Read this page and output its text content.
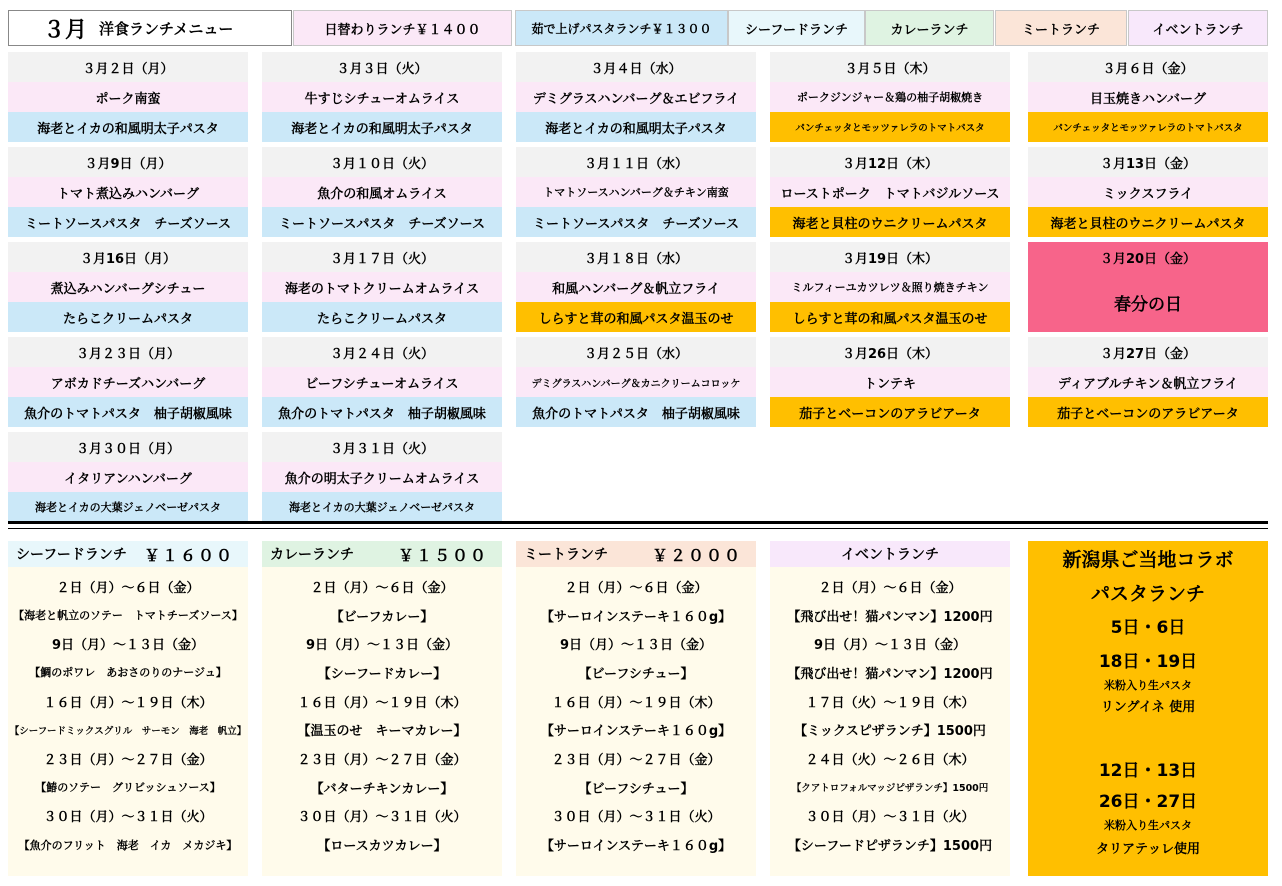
３月 洋食ランチメニュー	日替わりランチ￥１４００	茹で上げパスタランチ￥１３００	シーフードランチ	カレーランチ	ミートランチ	イベントランチ
３月２日（月）
ポーク南蛮
海老とイカの和風明太子パスタ
３月３日（火）
牛すじシチューオムライス
海老とイカの和風明太子パスタ
３月４日（水）
デミグラスハンバーグ＆エビフライ
海老とイカの和風明太子パスタ
３月５日（木）
ポークジンジャー＆鶏の柚子胡椒焼き
パンチェッタとモッツァレラのトマトパスタ
３月６日（金）
目玉焼きハンバーグ
パンチェッタとモッツァレラのトマトパスタ
３月9日（月）
トマト煮込みハンバーグ
ミートソースパスタ　チーズソース
３月１０日（火）
魚介の和風オムライス
ミートソースパスタ　チーズソース
３月１１日（水）
トマトソースハンバーグ＆チキン南蛮
ミートソースパスタ　チーズソース
３月12日（木）
ローストポーク　トマトバジルソース
海老と貝柱のウニクリームパスタ
３月13日（金）
ミックスフライ
海老と貝柱のウニクリームパスタ
３月16日（月）
煮込みハンバーグシチュー
たらこクリームパスタ
３月１７日（火）
海老のトマトクリームオムライス
たらこクリームパスタ
３月１８日（水）
和風ハンバーグ＆帆立フライ
しらすと茸の和風パスタ温玉のせ
３月19日（木）
ミルフィーユカツレツ＆照り焼きチキン
しらすと茸の和風パスタ温玉のせ
３月20日（金）
春分の日
３月２３日（月）
アボカドチーズハンバーグ
魚介のトマトパスタ　柚子胡椒風味
３月２４日（火）
ビーフシチューオムライス
魚介のトマトパスタ　柚子胡椒風味
３月２５日（水）
デミグラスハンバーグ＆カニクリームコロッケ
魚介のトマトパスタ　柚子胡椒風味
３月26日（木）
トンテキ
茄子とベーコンのアラビアータ
３月27日（金）
ディアブルチキン＆帆立フライ
茄子とベーコンのアラビアータ
３月３０日（月）
イタリアンハンバーグ
海老とイカの大葉ジェノベーゼパスタ
３月３１日（火）
魚介の明太子クリームオムライス
海老とイカの大葉ジェノベーゼパスタ
シーフードランチ ￥１６００
２日（月）～６日（金）
【海老と帆立のソテー　トマトチーズソース】
9日（月）～１３日（金）
【鯛のポワレ　あおさのりのナージュ】
１６日（月）～１９日（木）
【シーフードミックスグリル　サーモン　海老　帆立】
２３日（月）～２７日（金）
【鰆のソテー　グリビッシュソース】
３０日（月）～３１日（火）
【魚介のフリット　海老　イカ　メカジキ】
カレーランチ	￥１５００
２日（月）～６日（金）
【ビーフカレー】
9日（月）～１３日（金）
【シーフードカレー】
１６日（月）～１９日（木）
【温玉のせ　キーマカレー】
２３日（月）～２７日（金）
【バターチキンカレー】
３０日（月）～３１日（火）
【ロースカツカレー】
ミートランチ	￥２０００
２日（月）～６日（金）
【サーロインステーキ１６０g】
9日（月）～１３日（金）
【ビーフシチュー】
１６日（月）～１９日（木）
【サーロインステーキ１６０g】
２３日（月）～２７日（金）
【ビーフシチュー】
３０日（月）～３１日（火）
【サーロインステーキ１６０g】
イベントランチ
２日（月）～６日（金）
【飛び出せ！猫パンマン】1200円
9日（月）～１３日（金）
【飛び出せ！猫パンマン】1200円
１７日（火）～１９日（木）
【ミックスピザランチ】1500円
２４日（火）～２６日（木）
【クアトロフォルマッジピザランチ】1500円
３０日（月）～３１日（火）
【シーフードピザランチ】1500円
新潟県ご当地コラボ
パスタランチ
5日・6日
18日・19日
米粉入り生パスタ
リングイネ 使用
12日・13日
26日・27日
米粉入り生パスタ
タリアテッレ使用
